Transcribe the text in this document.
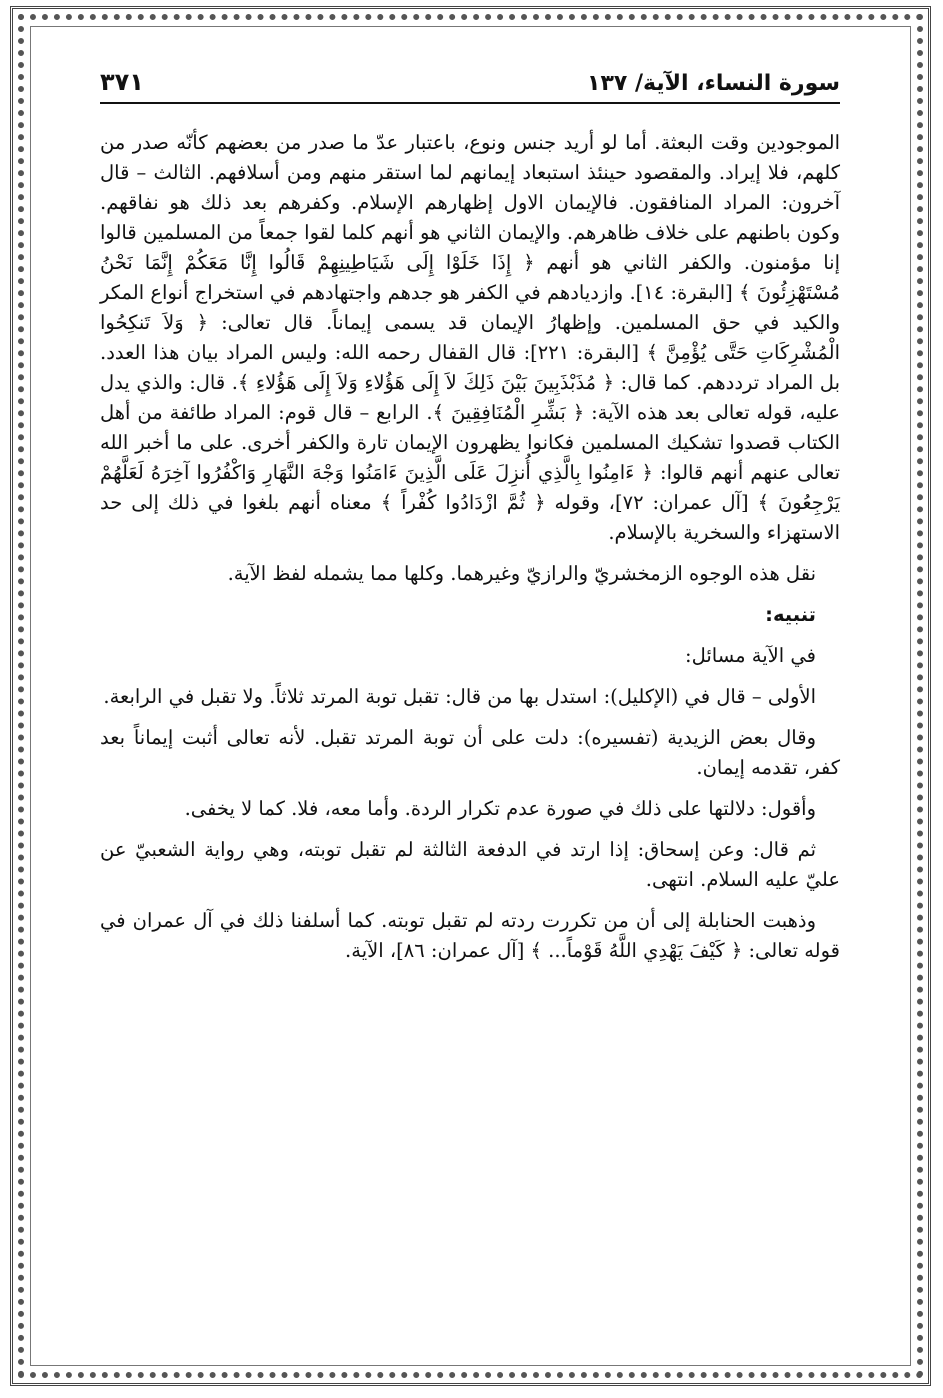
سورة النساء، الآية/ ١٣٧
٣٧١

الموجودين وقت البعثة. أما لو أريد جنس ونوع، باعتبار عدّ ما صدر من بعضهم كأنّه صدر من كلهم، فلا إيراد. والمقصود حينئذ استبعاد إيمانهم لما استقر منهم ومن أسلافهم. الثالث – قال آخرون: المراد المنافقون. فالإيمان الاول إظهارهم الإسلام. وكفرهم بعد ذلك هو نفاقهم. وكون باطنهم على خلاف ظاهرهم. والإيمان الثاني هو أنهم كلما لقوا جمعاً من المسلمين قالوا إنا مؤمنون. والكفر الثاني هو أنهم ﴿ إِذَا خَلَوْا إِلَى شَيَاطِينِهِمْ قَالُوا إِنَّا مَعَكُمْ إِنَّمَا نَحْنُ مُسْتَهْزِئُونَ ﴾ [البقرة: ١٤]. وازديادهم في الكفر هو جدهم واجتهادهم في استخراج أنواع المكر والكيد في حق المسلمين. وإظهارُ الإيمان قد يسمى إيماناً. قال تعالى: ﴿ وَلاَ تَنكِحُوا الْمُشْرِكَاتِ حَتَّى يُؤْمِنَّ ﴾ [البقرة: ٢٢١]: قال القفال رحمه الله: وليس المراد بيان هذا العدد. بل المراد ترددهم. كما قال: ﴿ مُذَبْذَبِينَ بَيْنَ ذَلِكَ لاَ إِلَى هَؤُلاءِ وَلاَ إِلَى هَؤُلاءِ ﴾. قال: والذي يدل عليه، قوله تعالى بعد هذه الآية: ﴿ بَشِّرِ الْمُنَافِقِينَ ﴾. الرابع – قال قوم: المراد طائفة من أهل الكتاب قصدوا تشكيك المسلمين فكانوا يظهرون الإيمان تارة والكفر أخرى. على ما أخبر الله تعالى عنهم أنهم قالوا: ﴿ ءَامِنُوا بِالَّذِي أُنزِلَ عَلَى الَّذِينَ ءَامَنُوا وَجْهَ النَّهَارِ وَاكْفُرُوا آخِرَهُ لَعَلَّهُمْ يَرْجِعُونَ ﴾ [آل عمران: ٧٢]، وقوله ﴿ ثُمَّ ازْدَادُوا كُفْراً ﴾ معناه أنهم بلغوا في ذلك إلى حد الاستهزاء والسخرية بالإسلام.

نقل هذه الوجوه الزمخشريّ والرازيّ وغيرهما. وكلها مما يشمله لفظ الآية.

تنبيه:

في الآية مسائل:

الأولى – قال في (الإكليل): استدل بها من قال: تقبل توبة المرتد ثلاثاً. ولا تقبل في الرابعة.

وقال بعض الزيدية (تفسيره): دلت على أن توبة المرتد تقبل. لأنه تعالى أثبت إيماناً بعد كفر، تقدمه إيمان.

وأقول: دلالتها على ذلك في صورة عدم تكرار الردة. وأما معه، فلا. كما لا يخفى.

ثم قال: وعن إسحاق: إذا ارتد في الدفعة الثالثة لم تقبل توبته، وهي رواية الشعبيّ عن عليّ عليه السلام. انتهى.

وذهبت الحنابلة إلى أن من تكررت ردته لم تقبل توبته. كما أسلفنا ذلك في آل عمران في قوله تعالى: ﴿ كَيْفَ يَهْدِي اللَّهُ قَوْماً... ﴾ [آل عمران: ٨٦]، الآية.
